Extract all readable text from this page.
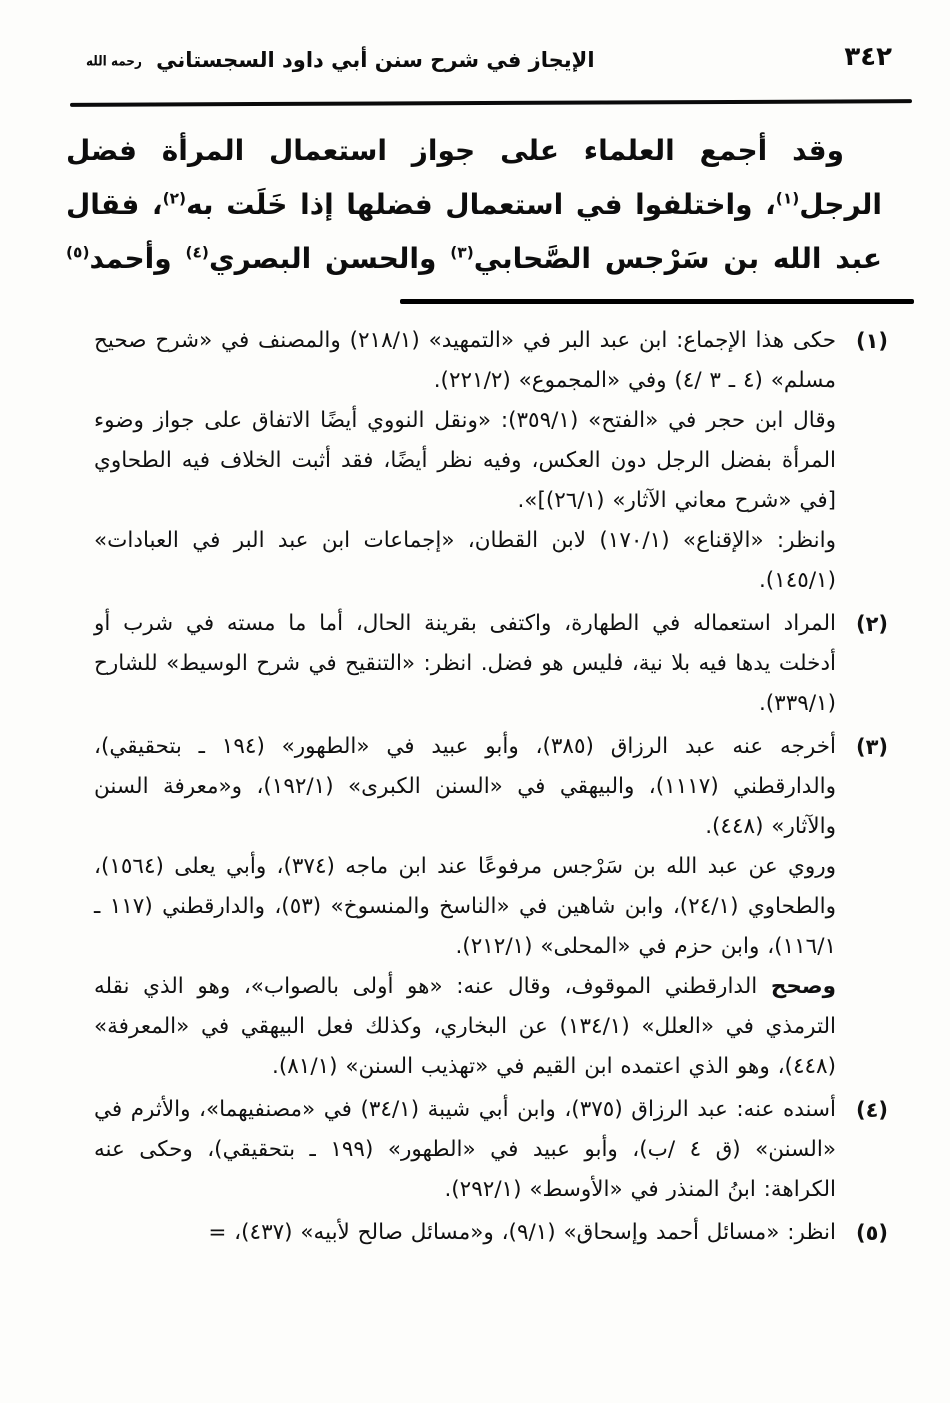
٣٤٢
الإيجاز في شرح سنن أبي داود السجستاني رحمه الله
وقد أجمع العلماء على جواز استعمال المرأة فضل
الرجل$^{(١)}$، واختلفوا في استعمال فضلها إذا خَلَت به$^{(٢)}$، فقال
عبد الله بن سَرْجس الصَّحابي$^{(٣)}$ والحسن البصري$^{(٤)}$ وأحمد$^{(٥)}$
(١)

حكى هذا الإجماع: ابن عبد البر في «التمهيد» (٢١٨/١) والمصنف في «شرح صحيح مسلم» (٤ ـ ٣ /٤) وفي «المجموع» (٢٢١/٢).

وقال ابن حجر في «الفتح» (٣٥٩/١): «ونقل النووي أيضًا الاتفاق على جواز وضوء المرأة بفضل الرجل دون العكس، وفيه نظر أيضًا، فقد أثبت الخلاف فيه الطحاوي [في «شرح معاني الآثار» (٢٦/١)]».

وانظر: «الإقناع» (١٧٠/١) لابن القطان، «إجماعات ابن عبد البر في العبادات» (١٤٥/١).

(٢)

المراد استعماله في الطهارة، واكتفى بقرينة الحال، أما ما مسته في شرب أو أدخلت يدها فيه بلا نية، فليس هو فضل. انظر: «التنقيح في شرح الوسيط» للشارح (٣٣٩/١).

(٣)

أخرجه عنه عبد الرزاق (٣٨٥)، وأبو عبيد في «الطهور» (١٩٤ ـ بتحقيقي)، والدارقطني (١١١٧)، والبيهقي في «السنن الكبرى» (١٩٢/١)، و«معرفة السنن والآثار» (٤٤٨).

وروي عن عبد الله بن سَرْجس مرفوعًا عند ابن ماجه (٣٧٤)، وأبي يعلى (١٥٦٤)، والطحاوي (٢٤/١)، وابن شاهين في «الناسخ والمنسوخ» (٥٣)، والدارقطني (١١٧ ـ ١١٦/١)، وابن حزم في «المحلى» (٢١٢/١).

وصحح الدارقطني الموقوف، وقال عنه: «هو أولى بالصواب»، وهو الذي نقله الترمذي في «العلل» (١٣٤/١) عن البخاري، وكذلك فعل البيهقي في «المعرفة» (٤٤٨)، وهو الذي اعتمده ابن القيم في «تهذيب السنن» (٨١/١).

(٤)

أسنده عنه: عبد الرزاق (٣٧٥)، وابن أبي شيبة (٣٤/١) في «مصنفيهما»، والأثرم في «السنن» (ق ٤ /ب)، وأبو عبيد في «الطهور» (١٩٩ ـ بتحقيقي)، وحكى عنه الكراهة: ابنُ المنذر في «الأوسط» (٢٩٢/١).

(٥)

انظر: «مسائل أحمد وإسحاق» (٩/١)، و«مسائل صالح لأبيه» (٤٣٧)، =
